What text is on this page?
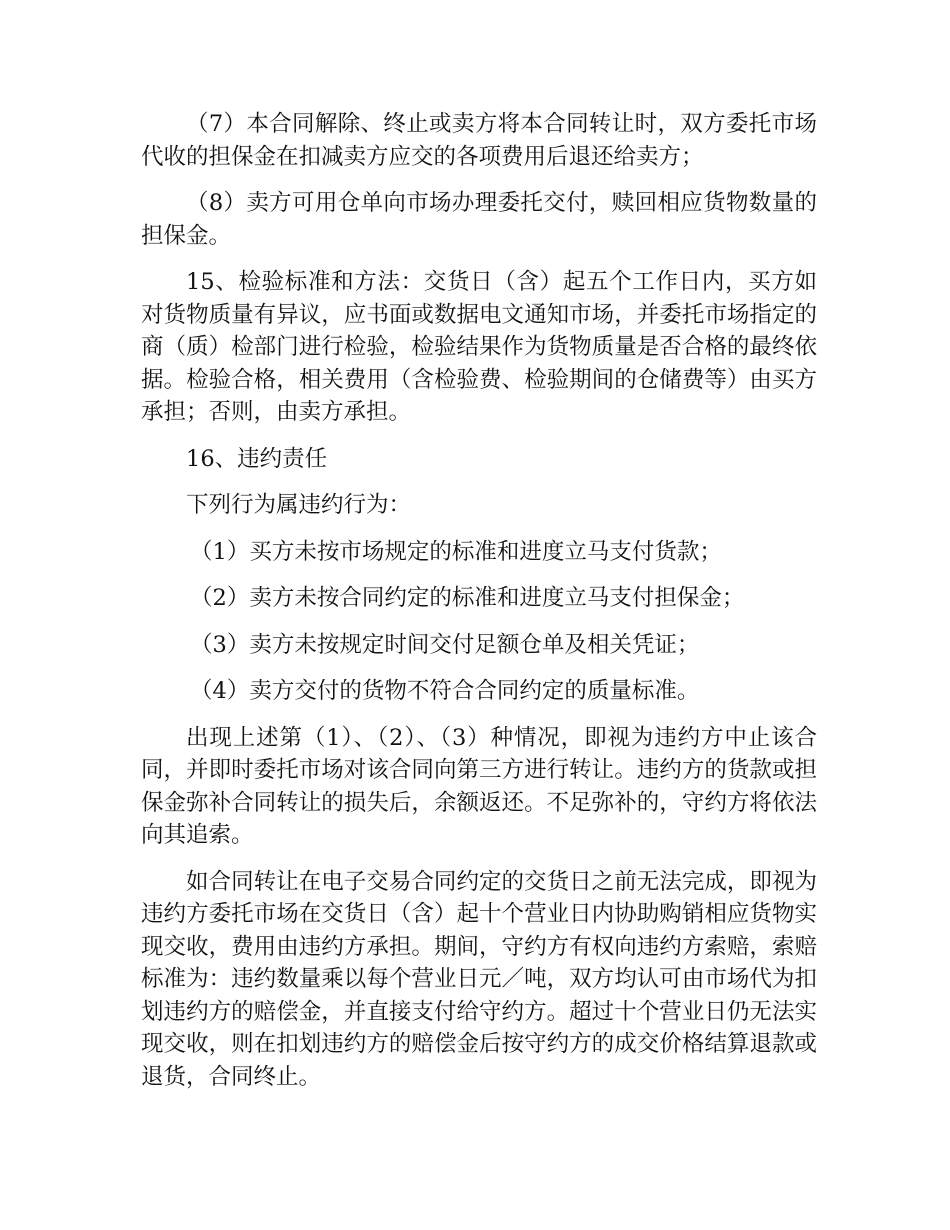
（7）本合同解除、终止或卖方将本合同转让时，双方委托市场代收的担保金在扣减卖方应交的各项费用后退还给卖方；

（8）卖方可用仓单向市场办理委托交付，赎回相应货物数量的担保金。

15、检验标准和方法：交货日（含）起五个工作日内，买方如对货物质量有异议，应书面或数据电文通知市场，并委托市场指定的商（质）检部门进行检验，检验结果作为货物质量是否合格的最终依据。检验合格，相关费用（含检验费、检验期间的仓储费等）由买方承担；否则，由卖方承担。

16、违约责任

下列行为属违约行为：

（1）买方未按市场规定的标准和进度立马支付货款；

（2）卖方未按合同约定的标准和进度立马支付担保金；

（3）卖方未按规定时间交付足额仓单及相关凭证；

（4）卖方交付的货物不符合合同约定的质量标准。

出现上述第（1）、（2）、（3）种情况，即视为违约方中止该合同，并即时委托市场对该合同向第三方进行转让。违约方的货款或担保金弥补合同转让的损失后，余额返还。不足弥补的，守约方将依法向其追索。

如合同转让在电子交易合同约定的交货日之前无法完成，即视为违约方委托市场在交货日（含）起十个营业日内协助购销相应货物实现交收，费用由违约方承担。期间，守约方有权向违约方索赔，索赔标准为：违约数量乘以每个营业日元／吨，双方均认可由市场代为扣划违约方的赔偿金，并直接支付给守约方。超过十个营业日仍无法实现交收，则在扣划违约方的赔偿金后按守约方的成交价格结算退款或退货，合同终止。
